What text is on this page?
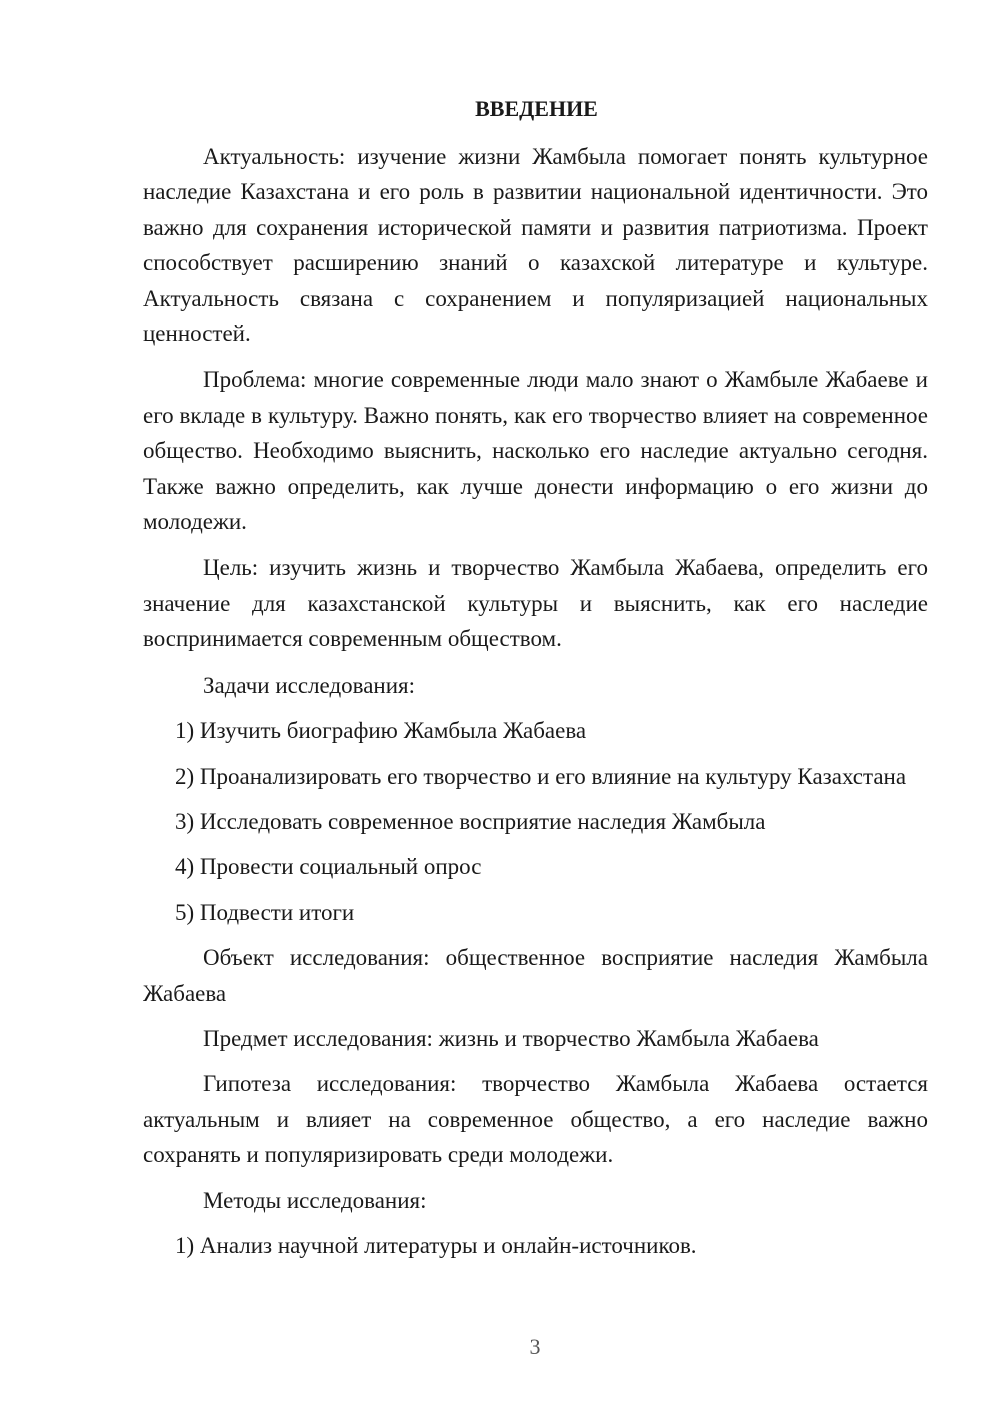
ВВЕДЕНИЕ

Актуальность: изучение жизни Жамбыла помогает понять культурное наследие Казахстана и его роль в развитии национальной идентичности. Это важно для сохранения исторической памяти и развития патриотизма. Проект способствует расширению знаний о казахской литературе и культуре. Актуальность связана с сохранением и популяризацией национальных ценностей.

Проблема: многие современные люди мало знают о Жамбыле Жабаеве и его вкладе в культуру. Важно понять, как его творчество влияет на современное общество. Необходимо выяснить, насколько его наследие актуально сегодня. Также важно определить, как лучше донести информацию о его жизни до молодежи.

Цель: изучить жизнь и творчество Жамбыла Жабаева, определить его значение для казахстанской культуры и выяснить, как его наследие воспринимается современным обществом.

Задачи исследования:

1) Изучить биографию Жамбыла Жабаева

2) Проанализировать его творчество и его влияние на культуру Казахстана

3) Исследовать современное восприятие наследия Жамбыла

4) Провести социальный опрос

5) Подвести итоги

Объект исследования: общественное восприятие наследия Жамбыла Жабаева

Предмет исследования: жизнь и творчество Жамбыла Жабаева

Гипотеза исследования: творчество Жамбыла Жабаева остается актуальным и влияет на современное общество, а его наследие важно сохранять и популяризировать среди молодежи.

Методы исследования:

1) Анализ научной литературы и онлайн-источников.

3
